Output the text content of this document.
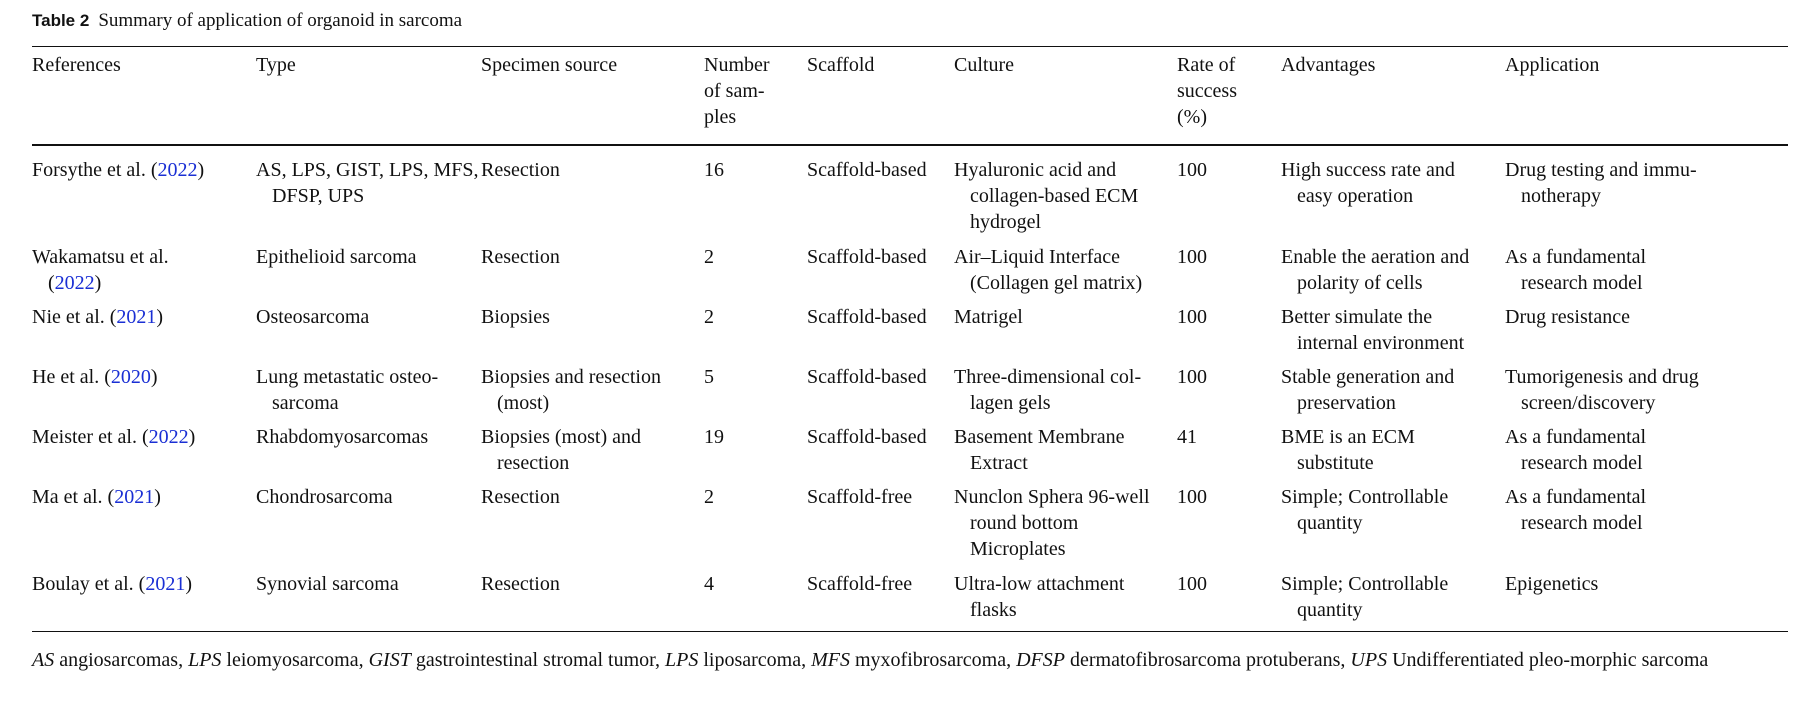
Table 2 Summary of application of organoid in sarcoma
References	Type	Specimen source	Number of sam-ples	Scaffold	Culture	Rate of success (%)	Advantages	Application

Forsythe et al. (2022)	AS, LPS, GIST, LPS, MFS, DFSP, UPS	Resection	16	Scaffold-based	Hyaluronic acid and collagen-based ECM hydrogel	100	High success rate and easy operation	Drug testing and immu-notherapy

Wakamatsu et al. (2022)	Epithelioid sarcoma	Resection	2	Scaffold-based	Air–Liquid Interface (Collagen gel matrix)	100	Enable the aeration and polarity of cells	As a fundamental research model

Nie et al. (2021)	Osteosarcoma	Biopsies	2	Scaffold-based	Matrigel	100	Better simulate the internal environment	Drug resistance

He et al. (2020)	Lung metastatic osteo-sarcoma	Biopsies and resection (most)	5	Scaffold-based	Three-dimensional col-lagen gels	100	Stable generation and preservation	Tumorigenesis and drug screen/discovery

Meister et al. (2022)	Rhabdomyosarcomas	Biopsies (most) and resection	19	Scaffold-based	Basement Membrane Extract	41	BME is an ECM substitute	As a fundamental research model

Ma et al. (2021)	Chondrosarcoma	Resection	2	Scaffold-free	Nunclon Sphera 96-well round bottom Microplates	100	Simple; Controllable quantity	As a fundamental research model

Boulay et al. (2021)	Synovial sarcoma	Resection	4	Scaffold-free	Ultra-low attachment flasks	100	Simple; Controllable quantity	Epigenetics
AS angiosarcomas, LPS leiomyosarcoma, GIST gastrointestinal stromal tumor, LPS liposarcoma, MFS myxofibrosarcoma, DFSP dermatofibrosarcoma protuberans, UPS Undifferentiated pleo-morphic sarcoma
